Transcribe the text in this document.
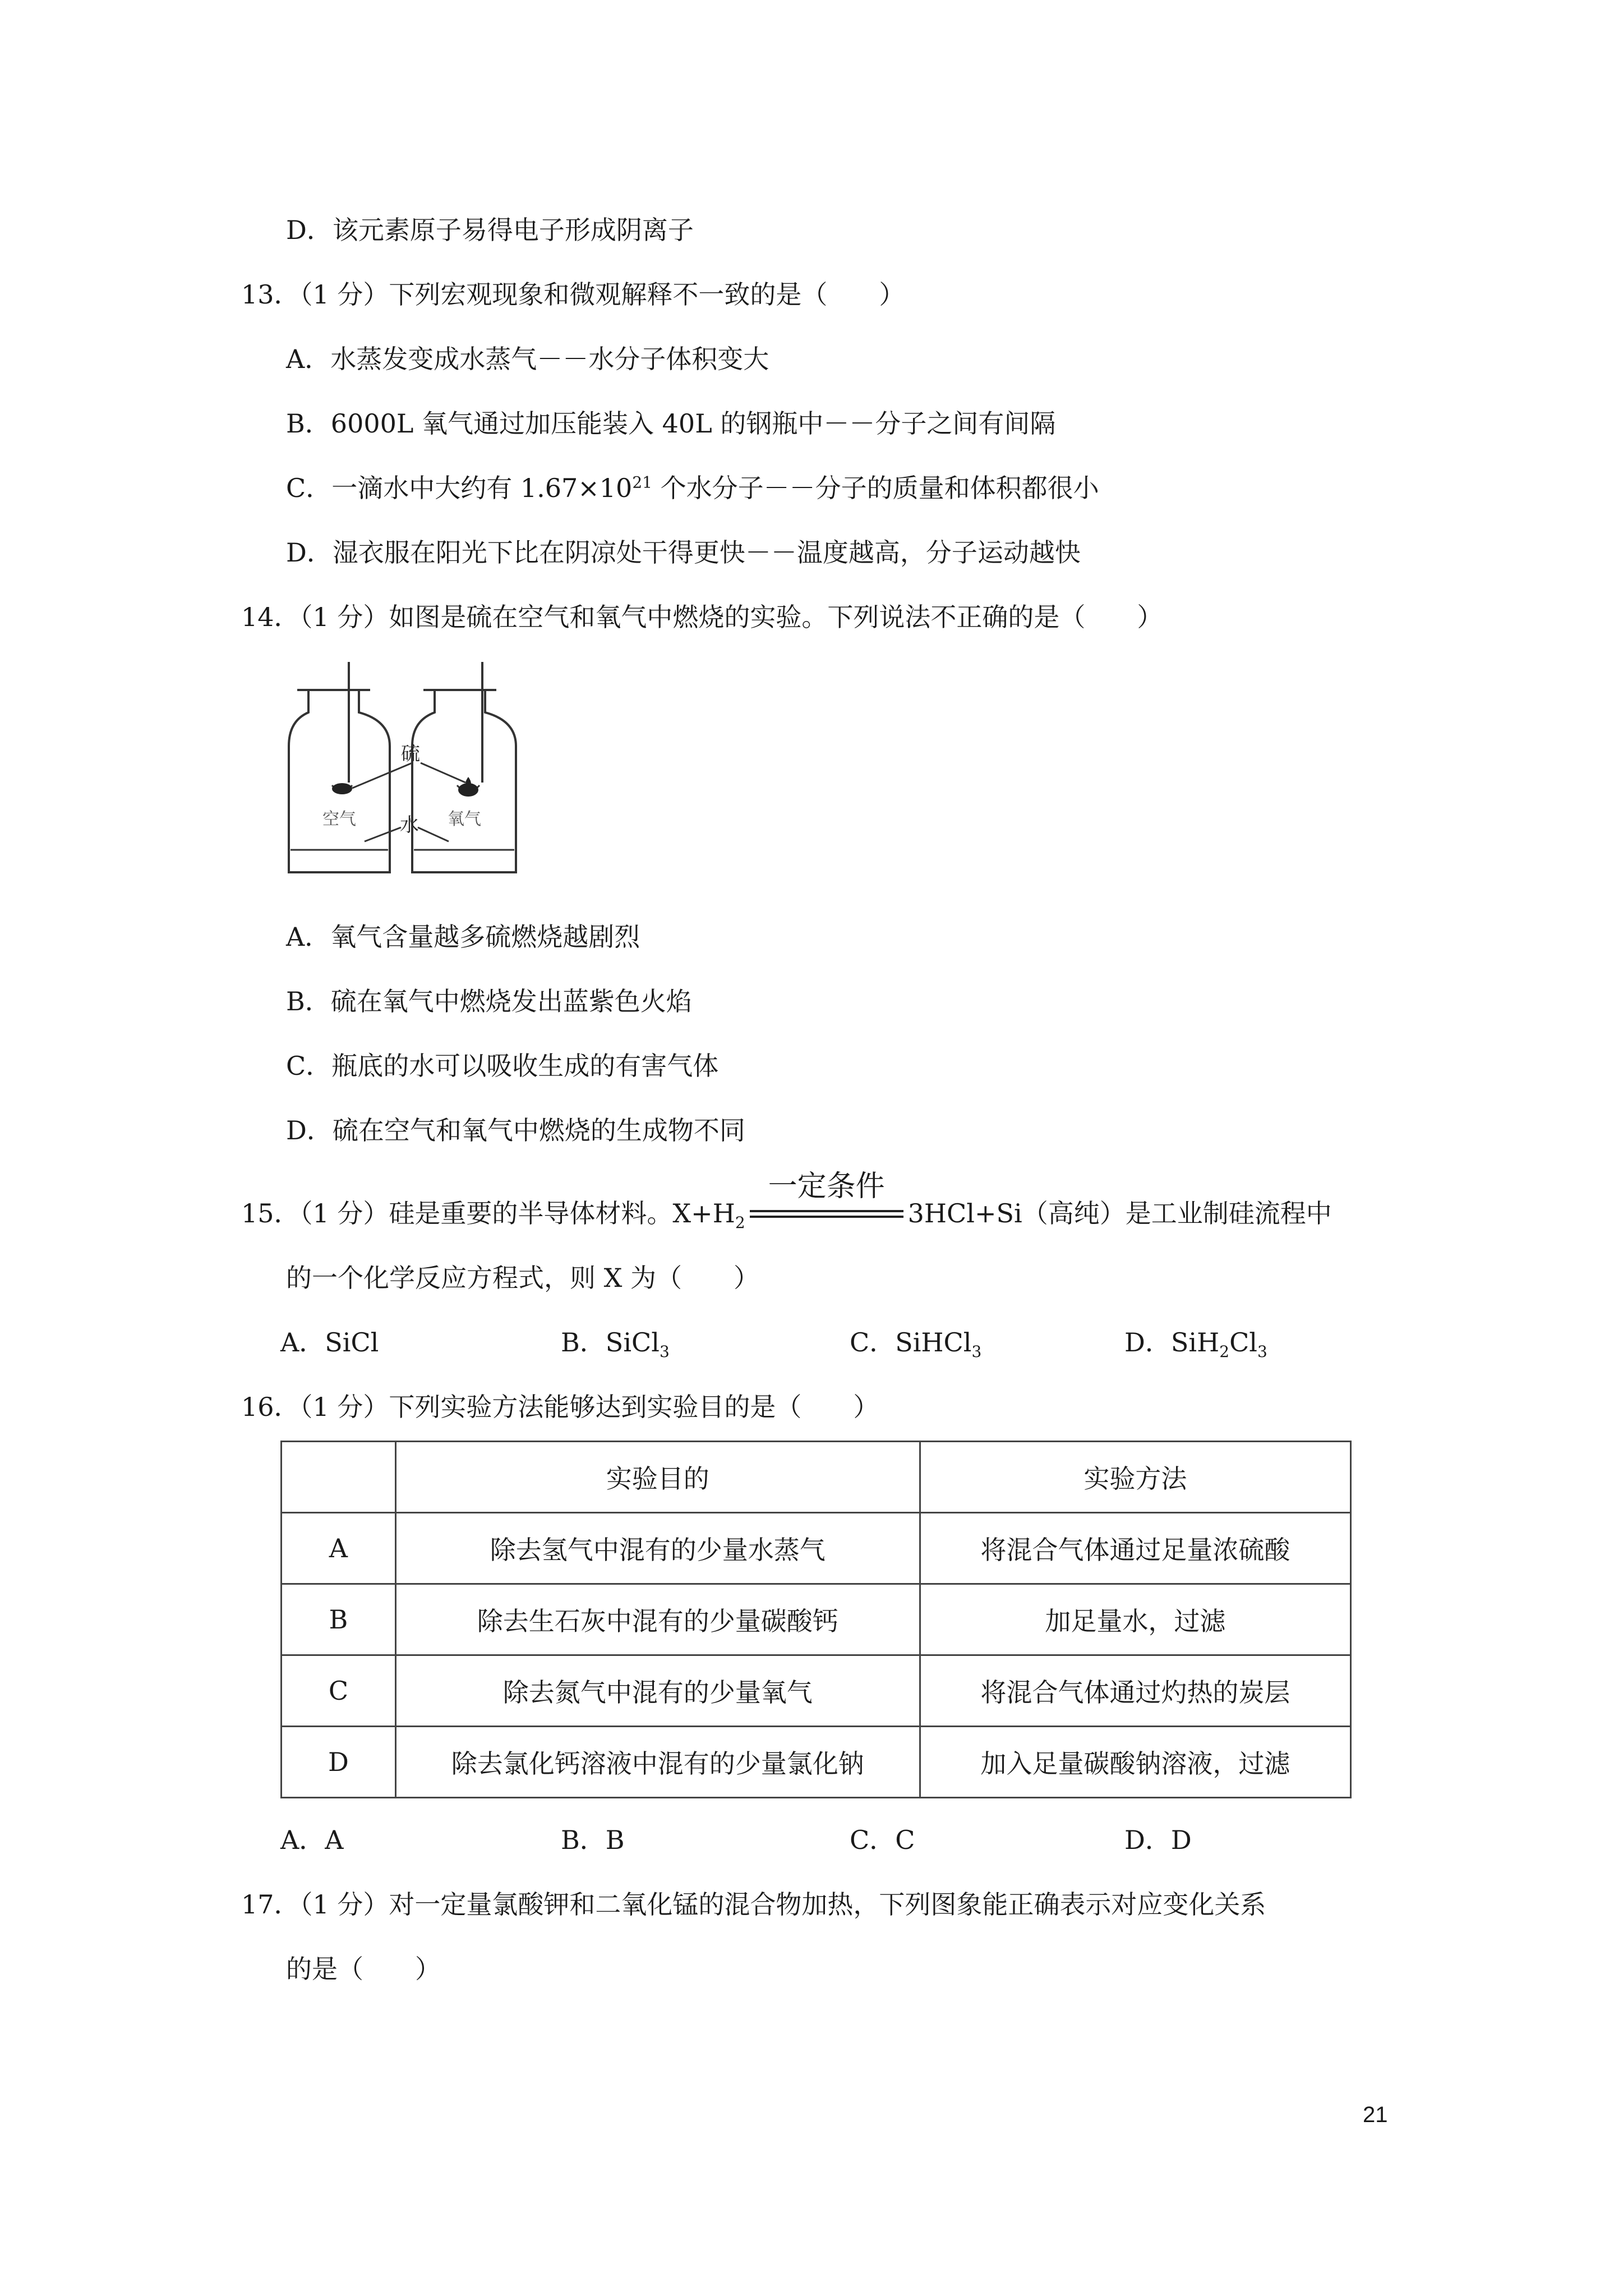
D．该元素原子易得电子形成阴离子
13．（1 分）下列宏观现象和微观解释不一致的是（　　）
A．水蒸发变成水蒸气－－水分子体积变大
B．6000L 氧气通过加压能装入 40L 的钢瓶中－－分子之间有间隔
C．一滴水中大约有 $1.67\times 10^{21}$ 个水分子－－分子的质量和体积都很小
D．湿衣服在阳光下比在阴凉处干得更快－－温度越高，分子运动越快
14．（1 分）如图是硫在空气和氧气中燃烧的实验。下列说法不正确的是（　　）
硫
水
空气	氧气
A．氧气含量越多硫燃烧越剧烈
B．硫在氧气中燃烧发出蓝紫色火焰
C．瓶底的水可以吸收生成的有害气体
D．硫在空气和氧气中燃烧的生成物不同
15．（1 分）硅是重要的半导体材料。$X+H_2$
一定条件
3HCl+Si（高纯）是工业制硅流程中
的一个化学反应方程式，则 X 为（　　）
A．SiCl	B．SiCl$_3$	C．SiHCl$_3$	D．$SiH_2Cl_3$
16．（1 分）下列实验方法能够达到实验目的是（　　）
	实验目的	实验方法
A	除去氢气中混有的少量水蒸气	将混合气体通过足量浓硫酸
B	除去生石灰中混有的少量碳酸钙	加足量水，过滤
C	除去氮气中混有的少量氧气	将混合气体通过灼热的炭层
D	除去氯化钙溶液中混有的少量氯化钠	加入足量碳酸钠溶液，过滤
A．A	B．B	C．C	D．D
17．（1 分）对一定量氯酸钾和二氧化锰的混合物加热，下列图象能正确表示对应变化关系
的是（　　）
21
